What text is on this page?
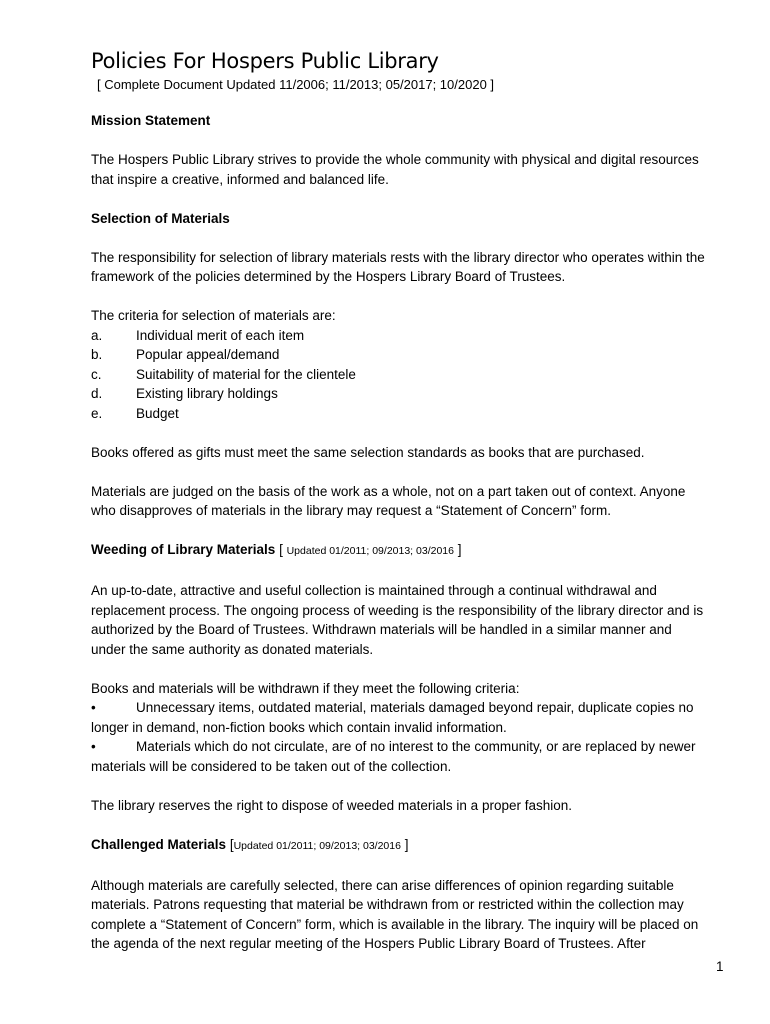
Policies For Hospers Public Library
[ Complete Document Updated 11/2006; 11/2013; 05/2017; 10/2020 ]
Mission Statement

The Hospers Public Library strives to provide the whole community with physical and digital resources
that inspire a creative, informed and balanced life.

Selection of Materials

The responsibility for selection of library materials rests with the library director who operates within the
framework of the policies determined by the Hospers Library Board of Trustees.

The criteria for selection of materials are:

a. Individual merit of each item
b. Popular appeal/demand
c.	Suitability of material for the clientele
d. Existing library holdings
e. Budget

Books offered as gifts must meet the same selection standards as books that are purchased.

Materials are judged on the basis of the work as a whole, not on a part taken out of context. Anyone
who disapproves of materials in the library may request a “Statement of Concern” form.

Weeding of Library Materials [ Updated 01/2011; 09/2013; 03/2016 ]

An up-to-date, attractive and useful collection is maintained through a continual withdrawal and
replacement process. The ongoing process of weeding is the responsibility of the library director and is
authorized by the Board of Trustees. Withdrawn materials will be handled in a similar manner and
under the same authority as donated materials.

Books and materials will be withdrawn if they meet the following criteria:

•	Unnecessary items, outdated material, materials damaged beyond repair, duplicate copies no
longer in demand, non-fiction books which contain invalid information.
•	Materials which do not circulate, are of no interest to the community, or are replaced by newer
materials will be considered to be taken out of the collection.

The library reserves the right to dispose of weeded materials in a proper fashion.

Challenged Materials [Updated 01/2011; 09/2013; 03/2016 ]

Although materials are carefully selected, there can arise differences of opinion regarding suitable
materials. Patrons requesting that material be withdrawn from or restricted within the collection may
complete a “Statement of Concern” form, which is available in the library. The inquiry will be placed on
the agenda of the next regular meeting of the Hospers Public Library Board of Trustees. After

1
